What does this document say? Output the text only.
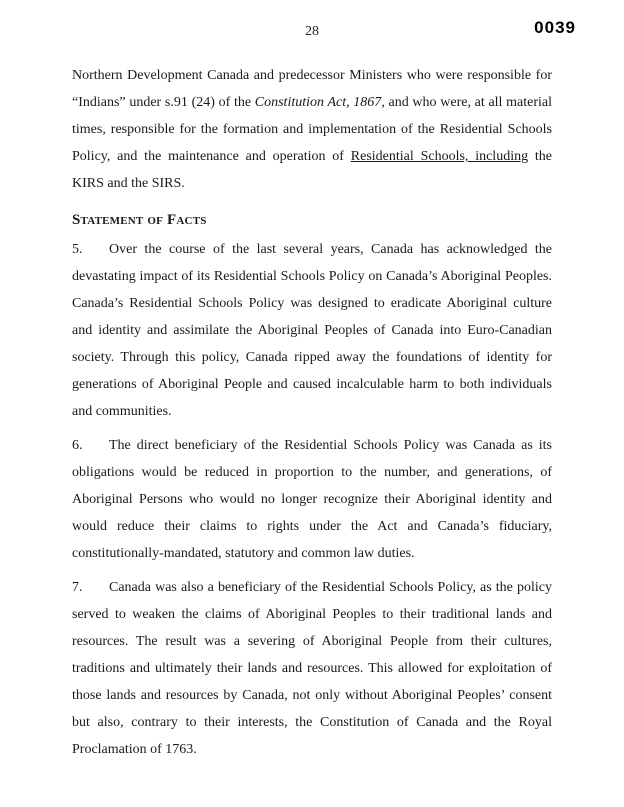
28	0039

Northern Development Canada and predecessor Ministers who were responsible for “Indians” under s.91 (24) of the Constitution Act, 1867, and who were, at all material times, responsible for the formation and implementation of the Residential Schools Policy, and the maintenance and operation of Residential Schools, including the KIRS and the SIRS.

Statement of Facts

5. Over the course of the last several years, Canada has acknowledged the devastating impact of its Residential Schools Policy on Canada’s Aboriginal Peoples. Canada’s Residential Schools Policy was designed to eradicate Aboriginal culture and identity and assimilate the Aboriginal Peoples of Canada into Euro-Canadian society. Through this policy, Canada ripped away the foundations of identity for generations of Aboriginal People and caused incalculable harm to both individuals and communities.

6. The direct beneficiary of the Residential Schools Policy was Canada as its obligations would be reduced in proportion to the number, and generations, of Aboriginal Persons who would no longer recognize their Aboriginal identity and would reduce their claims to rights under the Act and Canada’s fiduciary, constitutionally-mandated, statutory and common law duties.

7. Canada was also a beneficiary of the Residential Schools Policy, as the policy served to weaken the claims of Aboriginal Peoples to their traditional lands and resources. The result was a severing of Aboriginal People from their cultures, traditions and ultimately their lands and resources. This allowed for exploitation of those lands and resources by Canada, not only without Aboriginal Peoples’ consent but also, contrary to their interests, the Constitution of Canada and the Royal Proclamation of 1763.
